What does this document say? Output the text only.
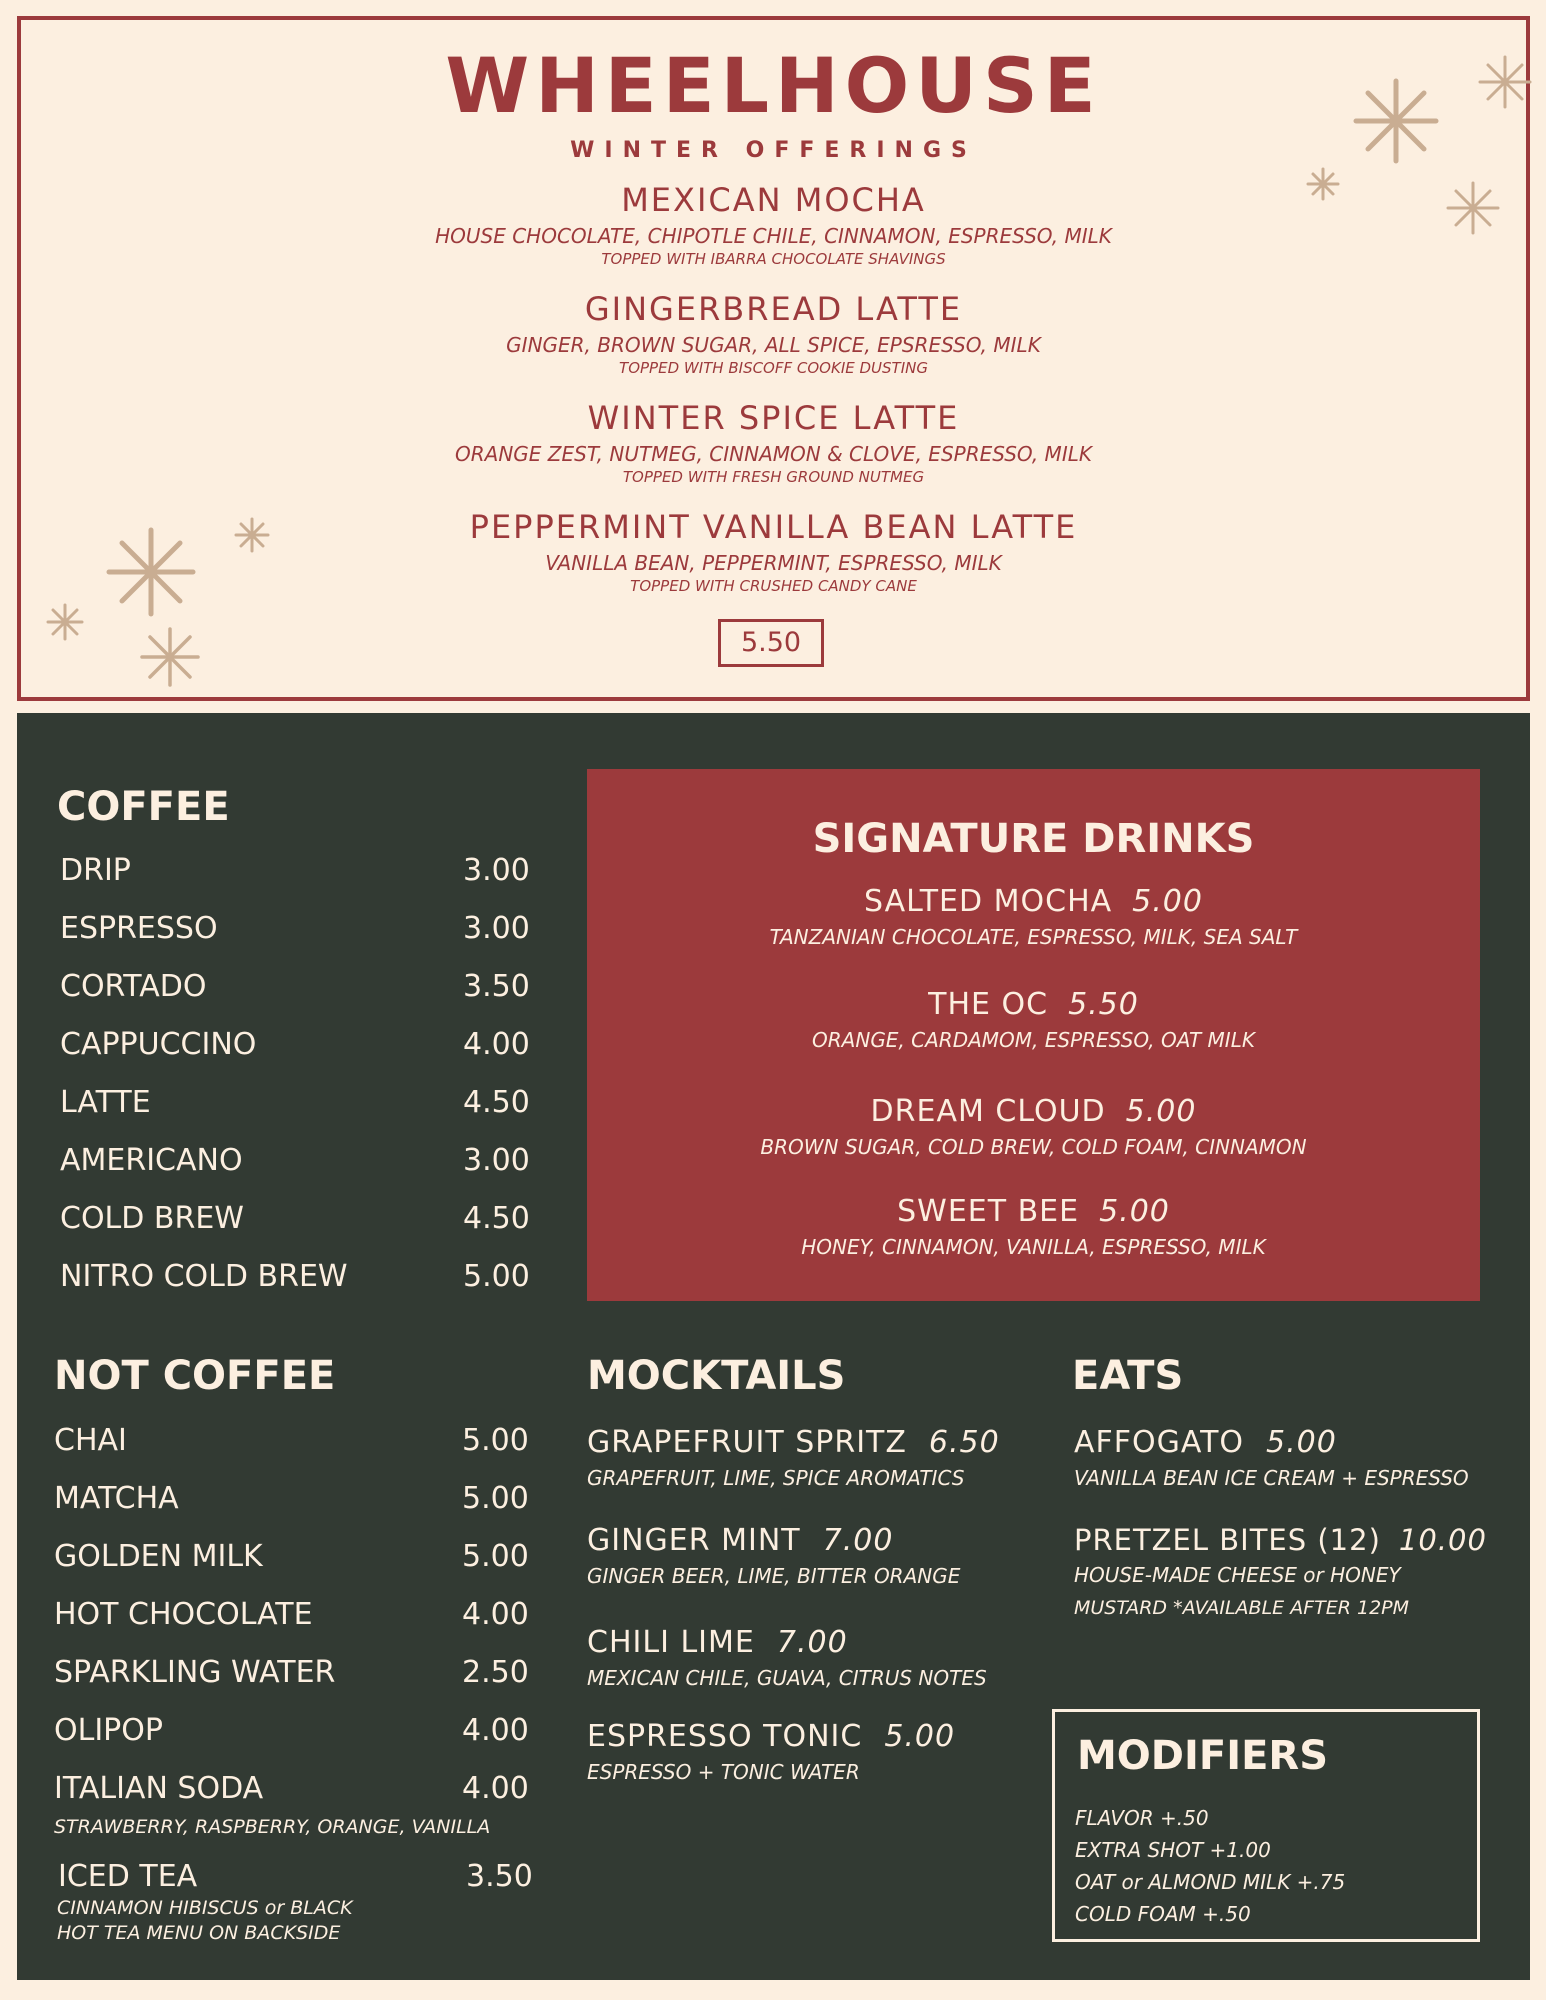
WHEELHOUSE
WINTER OFFERINGS
MEXICAN MOCHA
HOUSE CHOCOLATE, CHIPOTLE CHILE, CINNAMON, ESPRESSO, MILK
TOPPED WITH IBARRA CHOCOLATE SHAVINGS
GINGERBREAD LATTE
GINGER, BROWN SUGAR, ALL SPICE, EPSRESSO, MILK
TOPPED WITH BISCOFF COOKIE DUSTING
WINTER SPICE LATTE
ORANGE ZEST, NUTMEG, CINNAMON & CLOVE, ESPRESSO, MILK
TOPPED WITH FRESH GROUND NUTMEG
PEPPERMINT VANILLA BEAN LATTE
VANILLA BEAN, PEPPERMINT, ESPRESSO, MILK
TOPPED WITH CRUSHED CANDY CANE
5.50
COFFEE
DRIP	3.00
ESPRESSO	3.00
CORTADO	3.50
CAPPUCCINO	4.00
LATTE	4.50
AMERICANO	3.00
COLD BREW	4.50
NITRO COLD BREW	5.00
SIGNATURE DRINKS
SALTED MOCHA 5.00
TANZANIAN CHOCOLATE, ESPRESSO, MILK, SEA SALT
THE OC 5.50
ORANGE, CARDAMOM, ESPRESSO, OAT MILK
DREAM CLOUD 5.00
BROWN SUGAR, COLD BREW, COLD FOAM, CINNAMON
SWEET BEE 5.00
HONEY, CINNAMON, VANILLA, ESPRESSO, MILK
NOT COFFEE
CHAI	5.00
MATCHA	5.00
GOLDEN MILK	5.00
HOT CHOCOLATE	4.00
SPARKLING WATER	2.50
OLIPOP	4.00
ITALIAN SODA	4.00
STRAWBERRY, RASPBERRY, ORANGE, VANILLA
ICED TEA	3.50
CINNAMON HIBISCUS or BLACK
HOT TEA MENU ON BACKSIDE
MOCKTAILS
GRAPEFRUIT SPRITZ 6.50
GRAPEFRUIT, LIME, SPICE AROMATICS
GINGER MINT 7.00
GINGER BEER, LIME, BITTER ORANGE
CHILI LIME 7.00
MEXICAN CHILE, GUAVA, CITRUS NOTES
ESPRESSO TONIC 5.00
ESPRESSO + TONIC WATER
EATS
AFFOGATO 5.00
VANILLA BEAN ICE CREAM + ESPRESSO
PRETZEL BITES (12) 10.00
HOUSE-MADE CHEESE or HONEY
MUSTARD *AVAILABLE AFTER 12PM
MODIFIERS
FLAVOR +.50
EXTRA SHOT +1.00
OAT or ALMOND MILK +.75
COLD FOAM +.50
